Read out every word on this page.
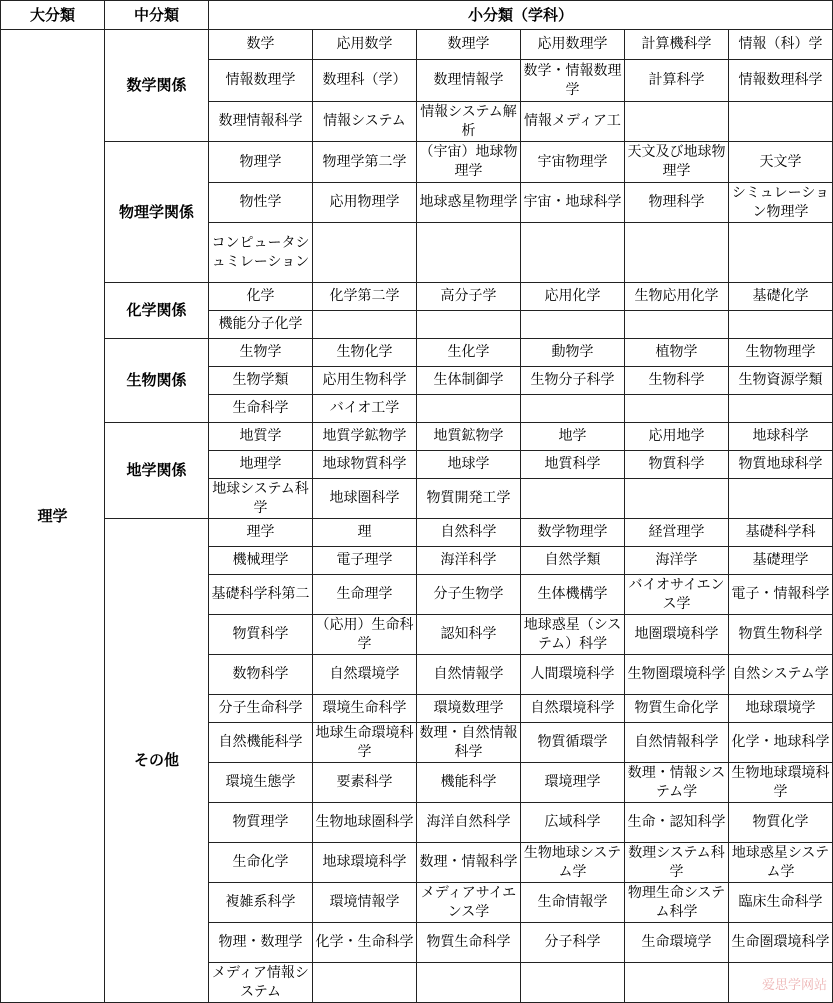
大分類	中分類	小分類（学科）					
理学	数学関係	数学	応用数学	数理学	応用数理学	計算機科学	情報（科）学
		情報数理学	数理科（学）	数理情報学	数学・情報数理学	計算科学	情報数理科学
		数理情報科学	情報システム	情報システム解析	情報メディア工		
	物理学関係	物理学	物理学第二学	（宇宙）地球物理学	宇宙物理学	天文及び地球物理学	天文学
		物性学	応用物理学	地球惑星物理学	宇宙・地球科学	物理科学	シミュレーション物理学
		コンピュータシュミレーション					
	化学関係	化学	化学第二学	高分子学	応用化学	生物応用化学	基礎化学
		機能分子化学					
	生物関係	生物学	生物化学	生化学	動物学	植物学	生物物理学
		生物学類	応用生物科学	生体制御学	生物分子科学	生物科学	生物資源学類
		生命科学	バイオ工学				
	地学関係	地質学	地質学鉱物学	地質鉱物学	地学	応用地学	地球科学
		地理学	地球物質科学	地球学	地質科学	物質科学	物質地球科学
		地球システム科学	地球圏科学	物質開発工学			
	その他	理学	理	自然科学	数学物理学	経営理学	基礎科学科
		機械理学	電子理学	海洋科学	自然学類	海洋学	基礎理学
		基礎科学科第二	生命理学	分子生物学	生体機構学	バイオサイエンス学	電子・情報科学
		物質科学	（応用）生命科学	認知科学	地球惑星（システム）科学	地圏環境科学	物質生物科学
		数物科学	自然環境学	自然情報学	人間環境科学	生物圏環境科学	自然システム学
		分子生命科学	環境生命科学	環境数理学	自然環境科学	物質生命化学	地球環境学
		自然機能科学	地球生命環境科学	数理・自然情報科学	物質循環学	自然情報科学	化学・地球科学
		環境生態学	要素科学	機能科学	環境理学	数理・情報システム学	生物地球環境科学
		物質理学	生物地球圏科学	海洋自然科学	広域科学	生命・認知科学	物質化学
		生命化学	地球環境科学	数理・情報科学	生物地球システム学	数理システム科学	地球惑星システム学
		複雑系科学	環境情報学	メディアサイエンス学	生命情報学	物理生命システム科学	臨床生命科学
		物理・数理学	化学・生命科学	物質生命科学	分子科学	生命環境学	生命圏環境科学
		メディア情報システム						爱思学网站
